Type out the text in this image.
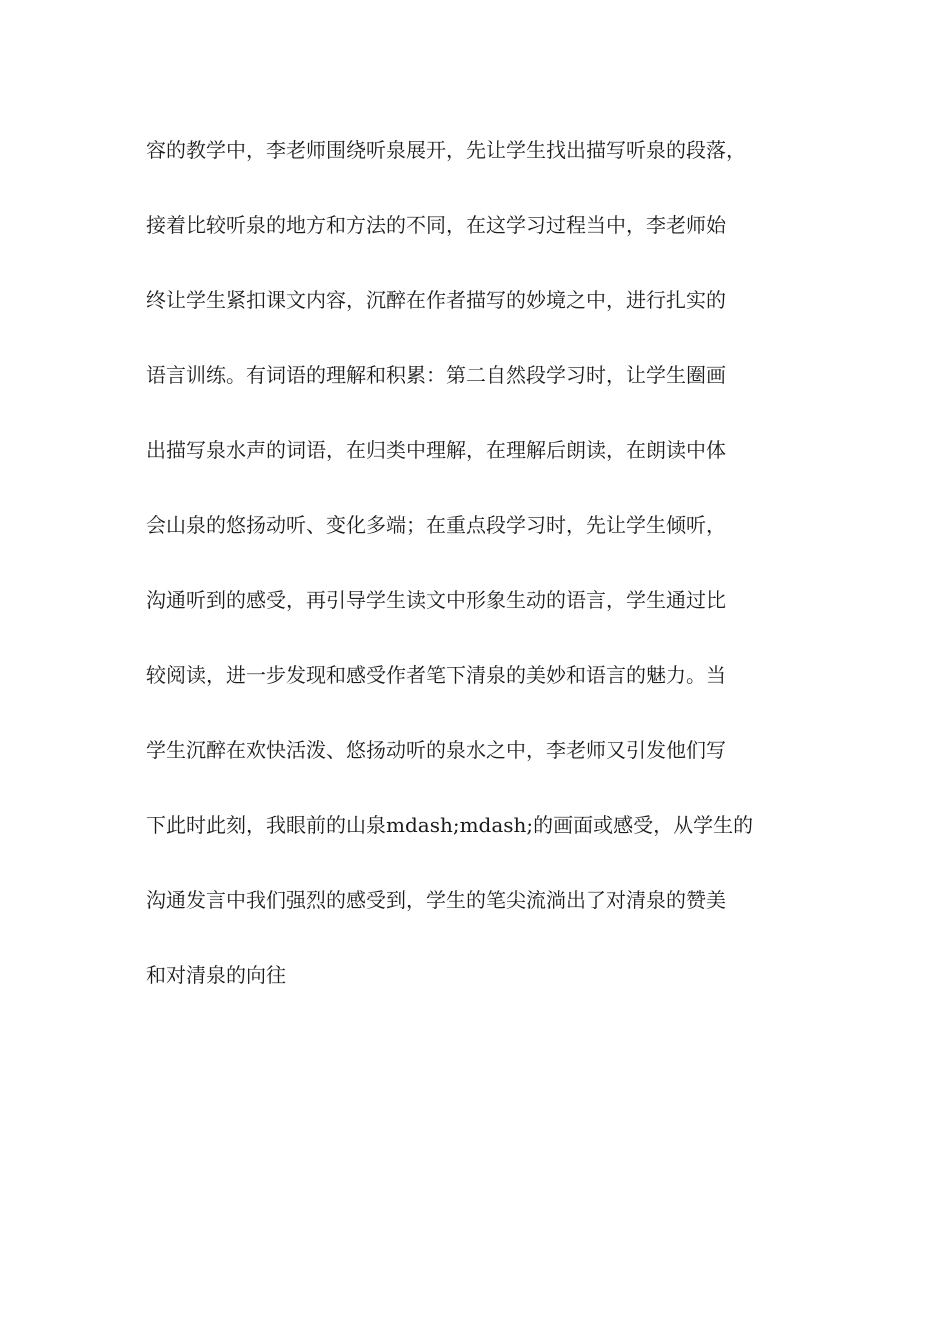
容的教学中，李老师围绕听泉展开，先让学生找出描写听泉的段落，
接着比较听泉的地方和方法的不同，在这学习过程当中，李老师始
终让学生紧扣课文内容，沉醉在作者描写的妙境之中，进行扎实的
语言训练。有词语的理解和积累：第二自然段学习时，让学生圈画
出描写泉水声的词语，在归类中理解，在理解后朗读，在朗读中体
会山泉的悠扬动听、变化多端；在重点段学习时，先让学生倾听，
沟通听到的感受，再引导学生读文中形象生动的语言，学生通过比
较阅读，进一步发现和感受作者笔下清泉的美妙和语言的魅力。当
学生沉醉在欢快活泼、悠扬动听的泉水之中，李老师又引发他们写
下此时此刻，我眼前的山泉mdash;mdash;的画面或感受，从学生的
沟通发言中我们强烈的感受到，学生的笔尖流淌出了对清泉的赞美
和对清泉的向往
